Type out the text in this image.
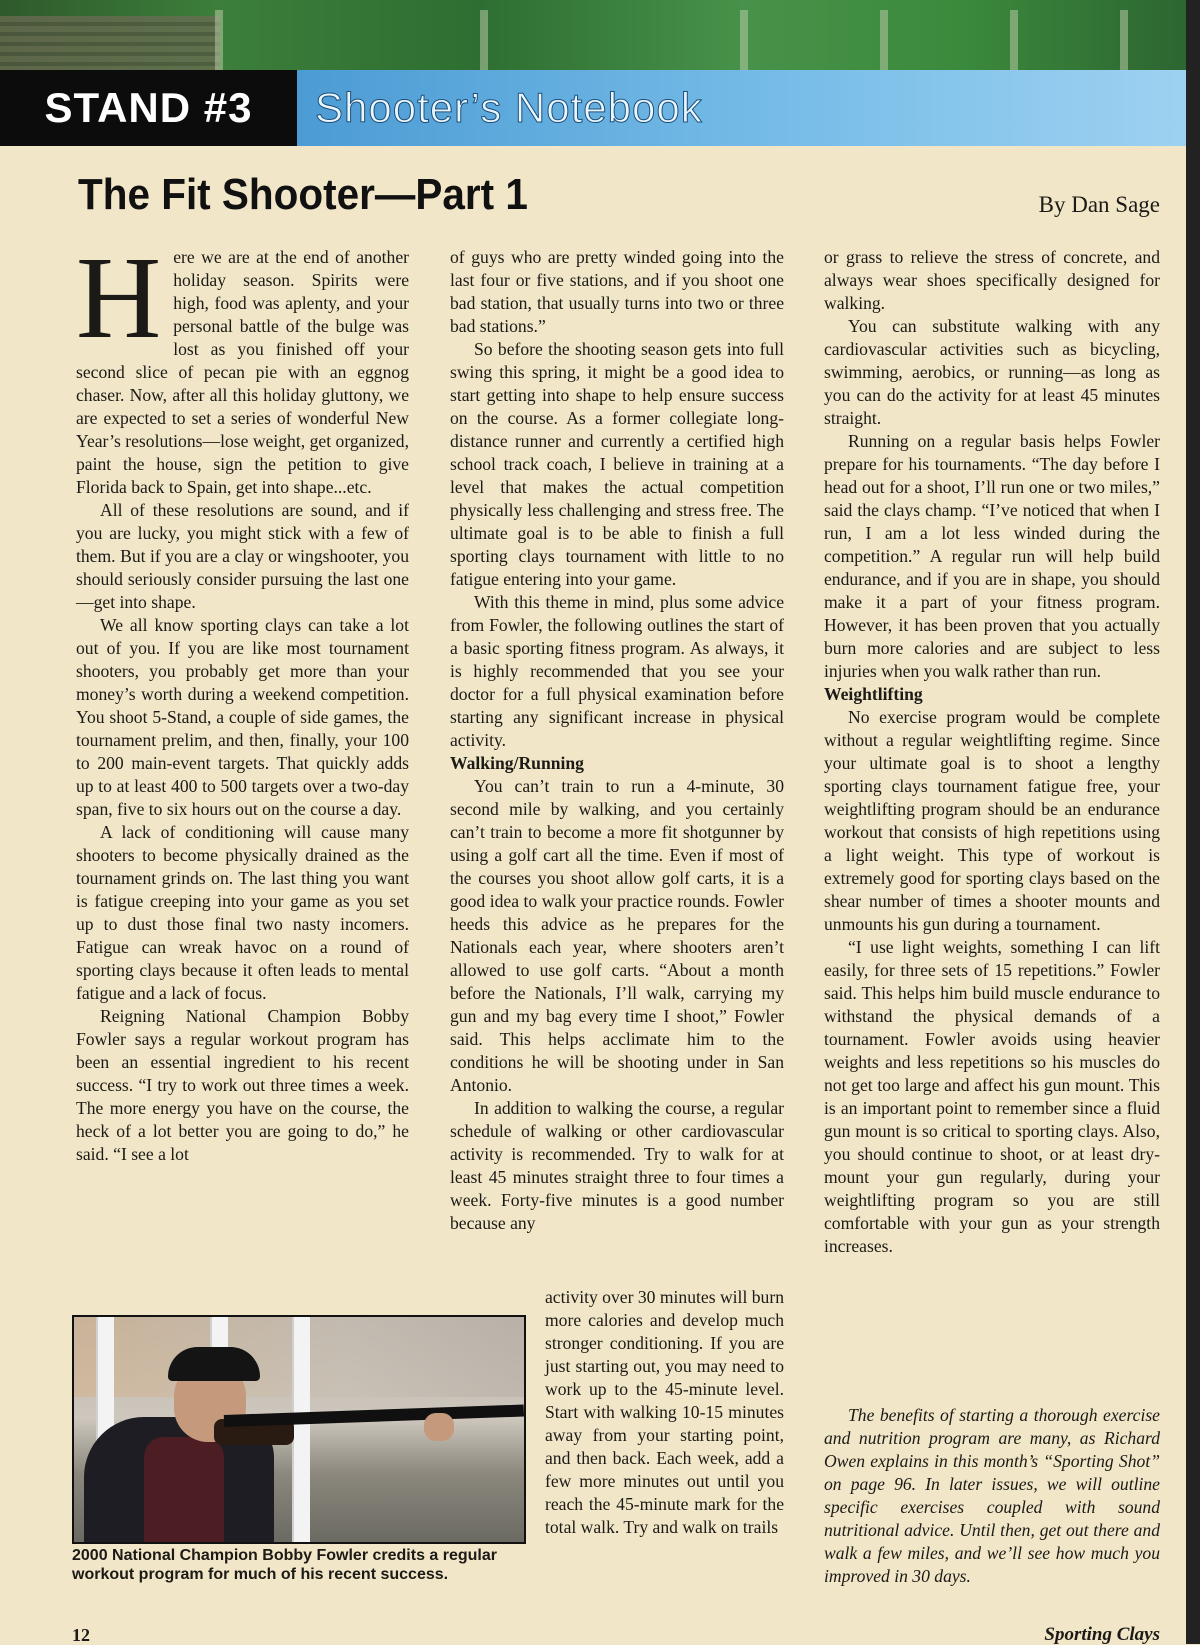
STAND #3	Shooter’s Notebook
The Fit Shooter—Part 1	By Dan Sage

Here we are at the end of another holiday season. Spirits were high, food was aplenty, and your personal battle of the bulge was lost as you finished off your second slice of pecan pie with an eggnog chaser. Now, after all this holiday gluttony, we are expected to set a series of wonderful New Year’s resolutions—lose weight, get organized, paint the house, sign the petition to give Florida back to Spain, get into shape...etc.

All of these resolutions are sound, and if you are lucky, you might stick with a few of them. But if you are a clay or wingshooter, you should seriously consider pursuing the last one—get into shape.

We all know sporting clays can take a lot out of you. If you are like most tournament shooters, you probably get more than your money’s worth during a weekend competition. You shoot 5-Stand, a couple of side games, the tournament prelim, and then, finally, your 100 to 200 main-event targets. That quickly adds up to at least 400 to 500 targets over a two-day span, five to six hours out on the course a day.

A lack of conditioning will cause many shooters to become physically drained as the tournament grinds on. The last thing you want is fatigue creeping into your game as you set up to dust those final two nasty incomers. Fatigue can wreak havoc on a round of sporting clays because it often leads to mental fatigue and a lack of focus.

Reigning National Champion Bobby Fowler says a regular workout program has been an essential ingredient to his recent success. “I try to work out three times a week. The more energy you have on the course, the heck of a lot better you are going to do,” he said. “I see a lot

of guys who are pretty winded going into the last four or five stations, and if you shoot one bad station, that usually turns into two or three bad stations.”

So before the shooting season gets into full swing this spring, it might be a good idea to start getting into shape to help ensure success on the course. As a former collegiate long-distance runner and currently a certified high school track coach, I believe in training at a level that makes the actual competition physically less challenging and stress free. The ultimate goal is to be able to finish a full sporting clays tournament with little to no fatigue entering into your game.

With this theme in mind, plus some advice from Fowler, the following outlines the start of a basic sporting fitness program. As always, it is highly recommended that you see your doctor for a full physical examination before starting any significant increase in physical activity.

Walking/Running

You can’t train to run a 4-minute, 30 second mile by walking, and you certainly can’t train to become a more fit shotgunner by using a golf cart all the time. Even if most of the courses you shoot allow golf carts, it is a good idea to walk your practice rounds. Fowler heeds this advice as he prepares for the Nationals each year, where shooters aren’t allowed to use golf carts. “About a month before the Nationals, I’ll walk, carrying my gun and my bag every time I shoot,” Fowler said. This helps acclimate him to the conditions he will be shooting under in San Antonio.

In addition to walking the course, a regular schedule of walking or other cardiovascular activity is recommended. Try to walk for at least 45 minutes straight three to four times a week. Forty-five minutes is a good number because any

activity over 30 minutes will burn more calories and develop much stronger conditioning. If you are just starting out, you may need to work up to the 45-minute level. Start with walking 10-15 minutes away from your starting point, and then back. Each week, add a few more minutes out until you reach the 45-minute mark for the total walk. Try and walk on trails

or grass to relieve the stress of concrete, and always wear shoes specifically designed for walking.

You can substitute walking with any cardiovascular activities such as bicycling, swimming, aerobics, or running—as long as you can do the activity for at least 45 minutes straight.

Running on a regular basis helps Fowler prepare for his tournaments. “The day before I head out for a shoot, I’ll run one or two miles,” said the clays champ. “I’ve noticed that when I run, I am a lot less winded during the competition.” A regular run will help build endurance, and if you are in shape, you should make it a part of your fitness program. However, it has been proven that you actually burn more calories and are subject to less injuries when you walk rather than run.

Weightlifting

No exercise program would be complete without a regular weightlifting regime. Since your ultimate goal is to shoot a lengthy sporting clays tournament fatigue free, your weightlifting program should be an endurance workout that consists of high repetitions using a light weight. This type of workout is extremely good for sporting clays based on the shear number of times a shooter mounts and unmounts his gun during a tournament.

“I use light weights, something I can lift easily, for three sets of 15 repetitions.” Fowler said. This helps him build muscle endurance to withstand the physical demands of a tournament. Fowler avoids using heavier weights and less repetitions so his muscles do not get too large and affect his gun mount. This is an important point to remember since a fluid gun mount is so critical to sporting clays. Also, you should continue to shoot, or at least dry-mount your gun regularly, during your weightlifting program so you are still comfortable with your gun as your strength increases.

The benefits of starting a thorough exercise and nutrition program are many, as Richard Owen explains in this month’s “Sporting Shot” on page 96. In later issues, we will outline specific exercises coupled with sound nutritional advice. Until then, get out there and walk a few miles, and we’ll see how much you improved in 30 days.

2000 National Champion Bobby Fowler credits a regular workout program for much of his recent success.
12	Sporting Clays
